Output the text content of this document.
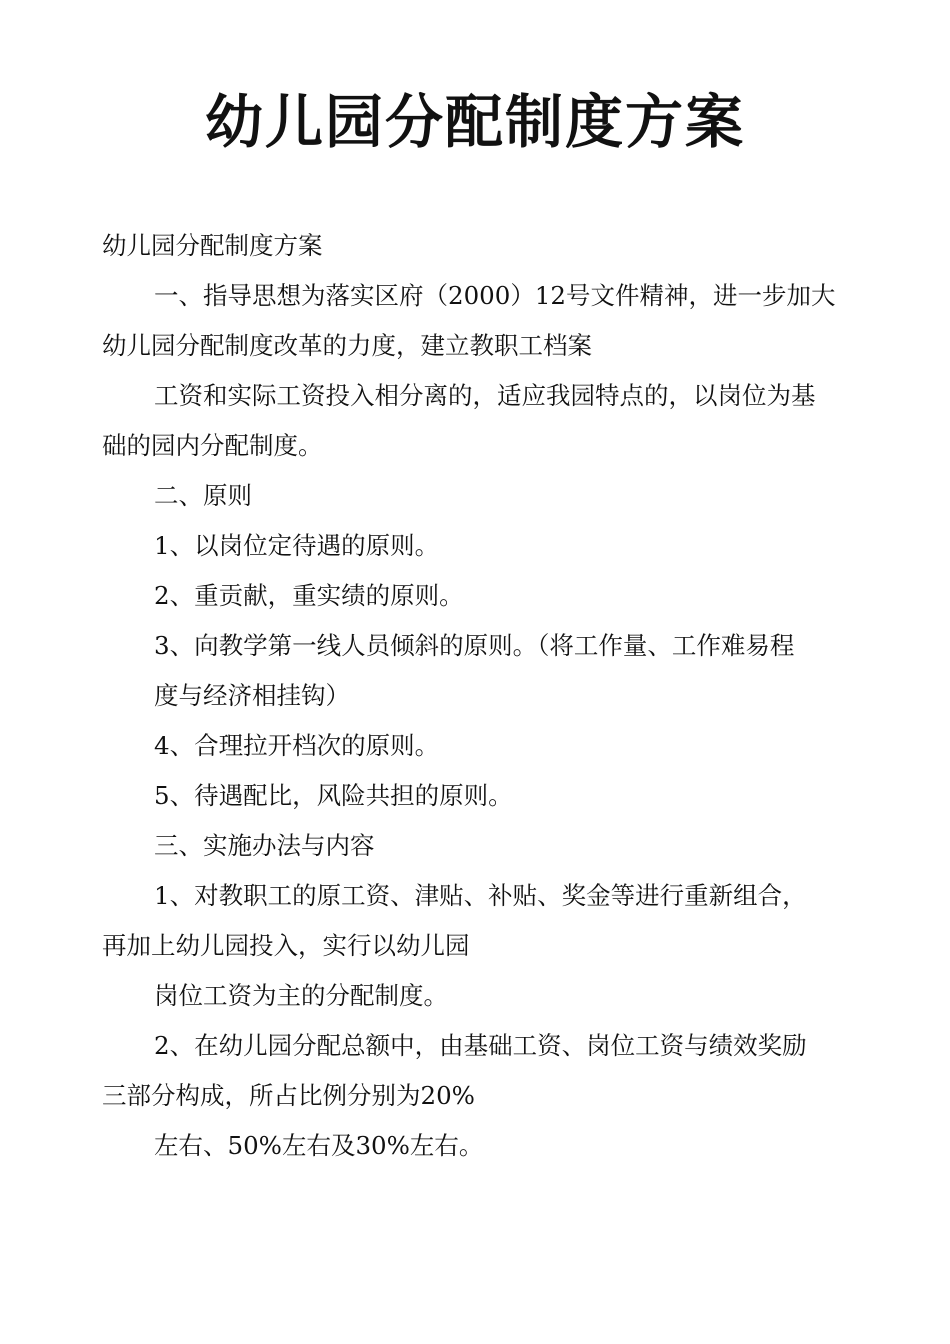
幼儿园分配制度方案

幼儿园分配制度方案

一、指导思想为落实区府（2000）12号文件精神，进一步加大

幼儿园分配制度改革的力度，建立教职工档案

工资和实际工资投入相分离的，适应我园特点的，以岗位为基

础的园内分配制度。

二、原则

1、以岗位定待遇的原则。

2、重贡献，重实绩的原则。

3、向教学第一线人员倾斜的原则。（将工作量、工作难易程

度与经济相挂钩）

4、合理拉开档次的原则。

5、待遇配比，风险共担的原则。

三、实施办法与内容

1、对教职工的原工资、津贴、补贴、奖金等进行重新组合，

再加上幼儿园投入，实行以幼儿园

岗位工资为主的分配制度。

2、在幼儿园分配总额中，由基础工资、岗位工资与绩效奖励

三部分构成，所占比例分别为20%

左右、50%左右及30%左右。
